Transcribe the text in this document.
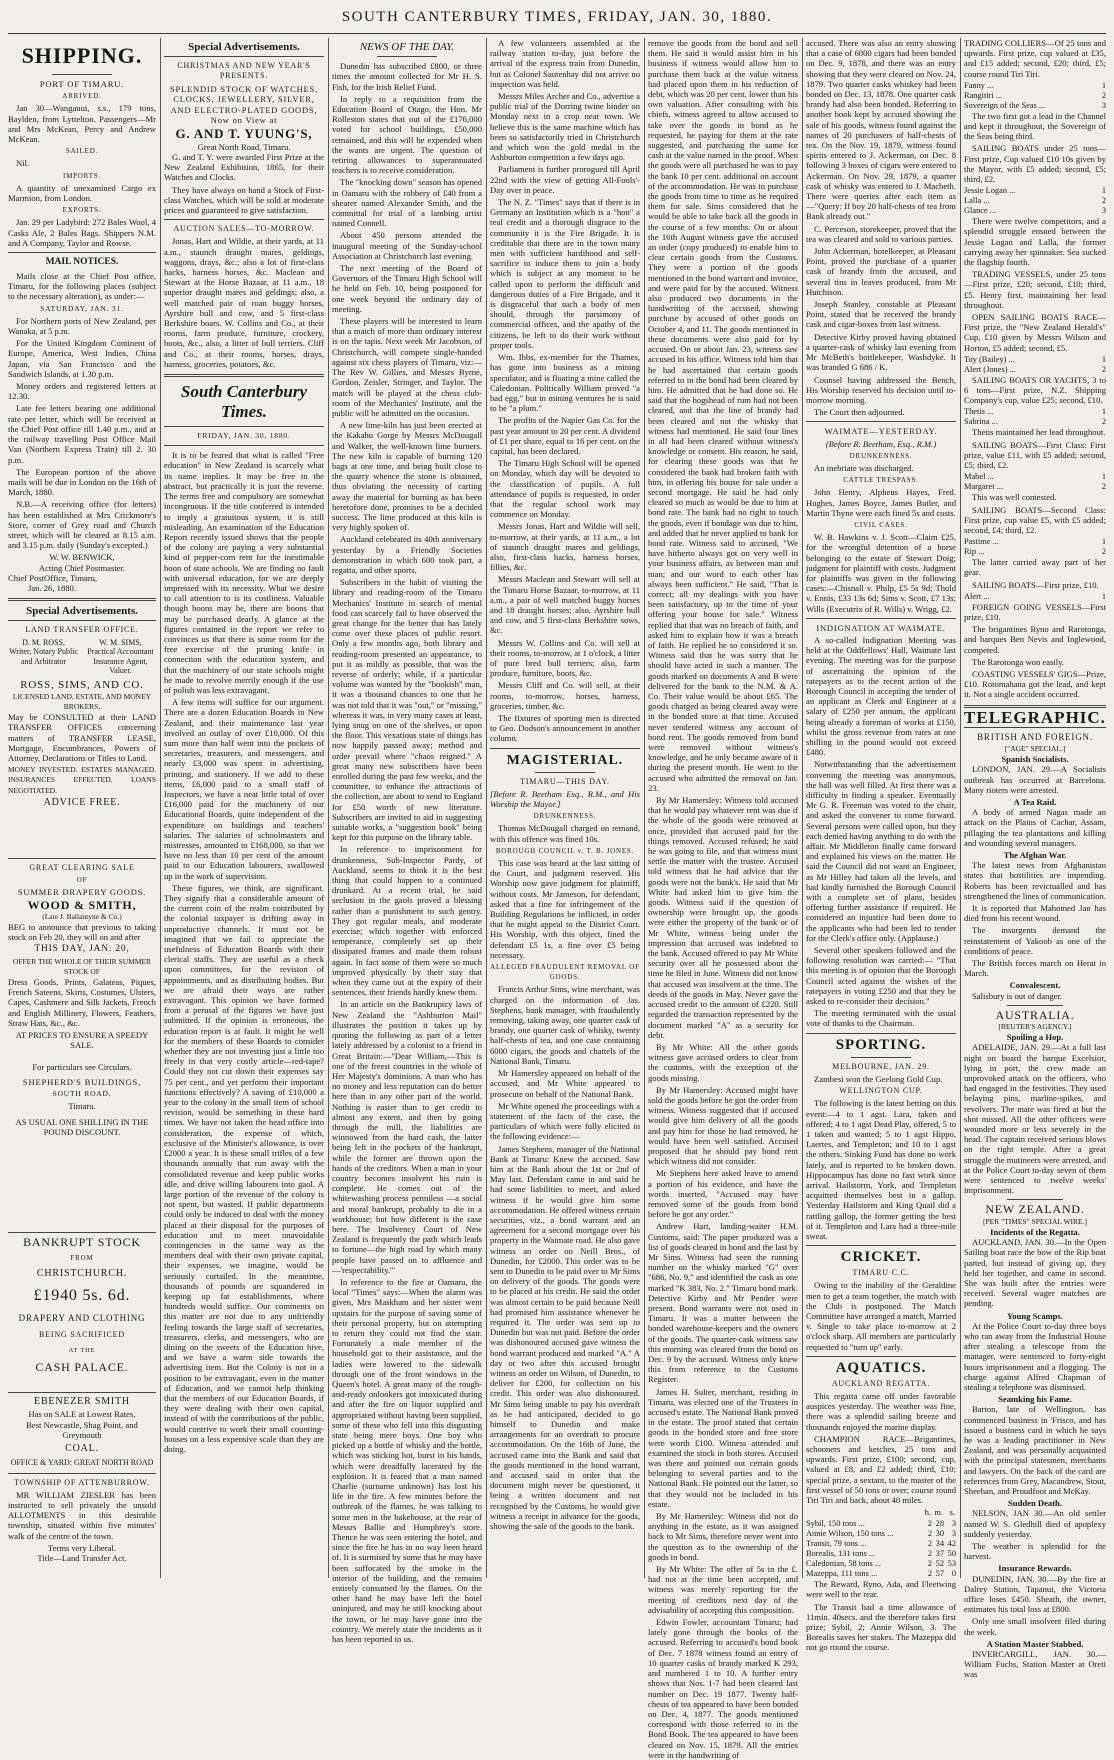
SOUTH CANTERBURY TIMES, FRIDAY, JAN. 30, 1880.
SHIPPING.
PORT OF TIMARU.
ARRIVED.

Jan 30—Wanganui, s.s., 179 tons, Baylden, from Lyttelton. Passengers—Mr and Mrs McKean, Percy and Andrew McKean.

SAILED.

Nil.

IMPORTS.

A quantity of unexamined Cargo ex Marmion, from London.

EXPORTS.

Jan. 29 per Ladybird: 272 Bales Wool, 4 Casks Ale, 2 Bales Bags. Shippers N.M. and A Company, Taylor and Rowse.

MAIL NOTICES.

Mails close at the Chief Post office, Timaru, for the following places (subject to the necessary alteration), as under:—

SATURDAY, JAN. 31.

For Northern ports of New Zealand, per Wanaka, at 5 p.m.

For the United Kingdom Continent of Europe, America, West Indies, China Japan, via San Francisco and the Sandwich Islands, at 1.30 p.m.

Money orders and registered letters at 12.30.

Late fee letters bearing one additional rate per letter, which will be received at the Chief Post office till 1.40 p.m., and at the railway travelling Post Office Mail Van (Northern Express Train) till 2. 30 p.m.

The European portion of the above mails will be due in London on the 16th of March, 1880.

N.B.—A receiving office (for letters) has been established at Mrs Crickmore's Store, corner of Grey road and Church street, which will be cleared at 8.15 a.m. and 3.15 p.m. daily (Sunday's excepted.)

W. W. BENWICK,
Acting Chief Postmaster.
Chief PostOffice, Timaru,
Jan. 26, 1880.
Special Advertisements.
LAND TRANSFER OFFICE.
D. M. ROSS,
Writer, Notary Public and Arbitrator
W. M. SIMS,
Practical Accountant Insurance Agent, Valuer.
ROSS, SIMS, AND CO.
LICENSED LAND, ESTATE, AND MONEY BROKERS,

May be CONSULTED at their LAND TRANSFER OFFICES concerning matters of TRANSFER LEASE, Mortgage, Encumbrances, Powers of Attorney, Declarations or Titles to Land.

MONEY INVESTED. ESTATES MANAGED. INSURANCES EFFECTED. LOANS NEGOTIATED.

ADVICE FREE.
GREAT CLEARING SALE
OF
SUMMER DRAPERY GOODS.
WOOD & SMITH,
(Late J. Ballantyne & Co.)

BEG to announce that previous to taking stock on Feb 20, they will on and after

THIS DAY, JAN. 20,
OFFER THE WHOLE OF THEIR SUMMER STOCK OF

Dress Goods, Prints, Galateas, Piques, French Sateens, Skirts, Costumes, Ulsters, Capes, Cashmere and Silk Jackets, French and English Millinery, Flowers, Feathers, Straw Hats, &c., &c.

AT PRICES TO ENSURE A SPEEDY SALE.
For particulars see Circulars.
SHEPHERD'S BUILDINGS,
SOUTH ROAD,
Timaru.
AS USUAL ONE SHILLING IN THE POUND DISCOUNT.
BANKRUPT STOCK
FROM
CHRISTCHURCH.
£1940 5s. 6d.
DRAPERY AND CLOTHING
BEING SACRIFICED
AT THE
CASH PALACE.
EBENEZER SMITH
Has on SALE at Lowest Rates,
Best Newcastle, Shag Point, and Greymouth
COAL.
OFFICE & YARD: GREAT NORTH ROAD
TOWNSHIP OF ATTENBURROW.

MR WILLIAM ZIESLER has been instructed to sell privately the unsold ALLOTMENTS in this desirable township, situated within five minutes' walk of the centre of the town.

Terms very Liberal.
Title—Land Transfer Act.
Special Advertisements.
CHRISTMAS AND NEW YEAR'S PRESENTS.
SPLENDID STOCK OF WATCHES, CLOCKS, JEWELLERY, SILVER, AND ELECTRO-PLATED GOODS, Now on View at
G. AND T. YUUNG'S,
Great North Road, Timaru.

G. and T. Y. were awarded First Prize at the New Zealand Exhibition, 1865, for their Watches and Clocks.

They have always on hand a Stock of First-class Watches, which will be sold at moderate prices and guaranteed to give satisfaction.

AUCTION SALES—TO-MORROW.

Jonas, Hart and Wildie, at their yards, at 11 a.m., staunch draught mares, geldings, waggons, drays, &c.; also a lot of first-class hacks, harness horses, &c. Maclean and Stewart at the Horse Bazaar, at 11 a.m., 18 superior draught mares and geldings; also, a well matched pair of roan buggy horses, Ayrshire bull and cow, and 5 first-class Berkshire boars. W. Collins and Co., at their rooms, farm produce, furniture, crockery, boots, &c., also, a litter of bull terriers. Cliff and Co., at their rooms, horses, drays, harness, groceries, potatoes, &c.

South Canterbury Times.
FRIDAY, JAN. 30, 1880.

It is to be feared that what is called "Free education" in New Zealand is scarcely what its name implies. It may be free in the abstract, but practically it is just the reverse. The terms free and compulsory are somewhat incongruous. If the title conferred is intended to imply a gratuitous system, it is still misleading. An examination of the Education Report recently issued shows that the people of the colony are paying a very substantial kind of pepper-corn rent for the inestimable boon of state schools. We are finding no fault with universal education, for we are deeply impressed with its necessity. What we desire to call attention to is its costliness. Valuable though boons may be, there are boons that may be purchased dearly. A glance at the figures contained in the report we refer to convinces us that there is some room for the free exercise of the pruning knife in connection with the education system, and that the machinery of our state schools might be made to revolve merrily enough if the use of polish was less extravagant.

A few items will suffice for our argument. There are a dozen Education Boards in New Zealand, and their maintenance last year involved an outlay of over £10,000. Of this sum more than half went into the pockets of secretaries, treasurers, and messengers, and nearly £3,000 was spent in advertising, printing, and stationery. If we add to these items, £6,000 paid to a small staff of Inspectors, we have a neat little total of over £16,000 paid for the machinery of our Educational Boards, quite independent of the expenditure on buildings and teachers' salaries. The salaries of schoolmasters and mistresses, amounted to £168,000, so that we have no less than 10 per cent of the amount paid to our Education labourers, swallowed up in the work of supervision.

These figures, we think, are significant. They signify that a considerable amount of the current coin of the realm contributed by the colonial taxpayer is drifting away in unproductive channels. It must not be imagined that we fail to appreciate the usefulness of Education Boards with their clerical staffs. They are useful as a check upon committees, for the revision of appointments, and as distributing bodies. But we are afraid their ways are rather extravagant. This opinion we have formed from a perusal of the figures we have just submitted. If the opinion is erroneous, the education report is at fault. It might be well for the members of these Boards to consider whether they are not investing just a little too freely in that very costly article—red-tape? Could they not cut down their expenses say 75 per cent., and yet perform their important functions effectively? A saving of £10,000 a year to the colony in the small item of school revision, would be something in these hard times. We have not taken the head office into consideration, the expense of which, exclusive of the Minister's allowance, is over £2000 a year. It is these small trifles of a few thousands annually that run away with the consolidated revenue and keep public works idle, and drive willing labourers into gaol. A large portion of the revenue of the colony is not spent, but wasted. If public departments could only be induced to deal with the money placed at their disposal for the purposes of education and to meet unavoidable contingencies in the same way as the members deal with their own private capital, their expenses, we imagine, would be seriously curtailed. In the meantime, thousands of pounds are squandered in keeping up fat establishments, where hundreds would suffice. Our comments on this matter are not due to any unfriendly feeling towards the large staff of secretaries, treasurers, clerks, and messengers, who are dining on the sweets of the Education hive, and we have a warm side towards the advertising item. But the Colony is not in a position to be extravagant, even in the matter of Education, and we cannot help thinking that the members of our Education Boards, if they were dealing with their own capital, instead of with the contributions of the public, would contrive to work their small counting-houses on a less expensive scale than they are doing.

NEWS OF THE DAY.

Dunedin has subscribed £800, or three times the amount collected for Mr H. S. Fish, for the Irish Relief Fund.

In reply to a requisition from the Education Board of Otago, the Hon. Mr Rolleston states that out of the £176,000 voted for school buildings, £50,000 remained, and this will be expended when the wants are urgent. The question of retiring allowances to superannuated teachers is to receive consideration.

The "knocking down" season has opened in Oamaru with the robbery of £40 from a shearer named Alexander Smith, and the committal for trial of a lambing artist named Connell.

About 450 persons attended the inaugural meeting of the Sunday-school Association at Christchurch last evening.

The next meeting of the Board of Governors of the Timaru High School will be held on Feb. 10, being postponed for one week beyond the ordinary day of meeting.

These players will be interested to learn that a match of more than ordinary interest is on the tapis. Next week Mr Jacobson, of Christchurch, will compete single-handed against six chess players of Timaru, viz:— The Rev W. Gillies, and Messrs Byrne, Gordon, Zeisler, Stringer, and Taylor. The match will be played at the chess club-room of the Mechanics' Institute, and the public will be admitted on the occasion.

A new lime-kiln has just been erected at the Kakahu Gorge by Messrs McDougall and Walker, the well-known lime burners. The new kiln is capable of burning 120 bags at one time, and being built close to the quarry whence the stone is obtained, thus obviating the necessity of carting away the material for burning as has been heretofore done, promises to be a decided success. The lime produced at this kiln is very highly spoken of.

Auckland celebrated its 40th anniversary yesterday by a Friendly Societies demonstration in which 600 took part, a regatta, and other sports.

Subscribers in the habit of visiting the library and reading-room of the Timaru Mechanics' Institute in search of mental food can scarcely fail to have observed the great change for the better that has lately come over these places of public resort. Only a few months ago, both library and reading-room presented an appearance, to put it as mildly as possible, that was the reverse of orderly; while, if a particular volume was wanted by the "bookish" man, it was a thousand chances to one that he was not told that it was "out," or "missing," whereas it was, in very many cases at least, lying snug on one of the shelves, or upon the floor. This vexatious state of things has now happily passed away; method and order prevail where "chaos reigned." A great many new subscribers have been enrolled during the past few weeks, and the committee, to enhance the attractions of the collection, are about to send to England for £50 worth of new literature. Subscribers are invited to aid in suggesting suitable works, a "suggestion book" being kept for this purpose on the library table.

In reference to imprisonment for drunkenness, Sub-Inspector Pardy, of Auckland, seems to think it is the best thing that could happen to a continued drunkard. At a recent trial, he said seclusion in the gaols proved a blessing rather than a punishment to such gentry. They got regular meals, and moderate exercise; which together with enforced temperance, completely set up their dissipated frames and made them robust again. In fact some of them were so much improved physically by their stay that when they came out at the expiry of their sentences, their friends hardly knew them.

In an article on the Bankruptcy laws of New Zealand the "Ashburton Mail" illustrates the position it takes up by quoting the following as part of a letter lately addressed by a colonist to a friend in Great Britain:—"Dear William,—This is one of the freest countries in the whole of Her Majesty's dominions. A man who has no money and less reputation can do better here than in any other part of the world. Nothing is easier than to get credit to almost any extent, and then by going through the mill, the liabilities are winnowed from the hard cash, the latter being left in the pockets of the bankrupt, while the former are thrown upon the hands of the creditors. When a man in your country becomes insolvent his ruin is complete. He comes out of the whitewashing process penniless —a social and moral bankrupt, probably to die in a workhouse; but how different is the case here. The Insolvency Court of New Zealand is frequently the path which leads to fortune—the high road by which many people have passed on to affluence and—'respectability.'"

In reference to the fire at Oamaru, the local "Times" says:—When the alarm was given, Mrs Maskham and her sister went upstairs for the purpose of saving some of their personal property, but on attempting to return they could not find the stair. Fortunately a male member of the household got to their assistance, and the ladies were lowered to the sidewalk through one of the front windows in the Queen's hotel. A great many of the rough-and-ready onlookers got intoxicated during and after the fire on liquor supplied and appropriated without having been supplied, some of these who fell into this disgusting state being mere boys. One boy who picked up a bottle of whisky and the bottle, which was sticking hot, burst in his hands, which were dreadfully lacerated by the explosion. It is feared that a man named Charlie (surname unknown) has lost his life in the fire. A few minutes before the outbreak of the flames, he was talking to some men in the bakehouse, at the rear of Messrs Ballie and Humphrey's store. Thence he was seen entering the hotel, and since the fire he has in no way been heard of. It is surmised by some that he may have been suffocated by the smoke in the interior of the building, and the remains entirely consumed by the flames. On the other hand he may have left the hotel uninjured, and may be still knocking about the town, or he may have gone into the country. We merely state the incidents as it has been reported to us.

A few volunteers assembled at the railway station to-day, just before the arrival of the express train from Dunedin, but as Colonel Sautenhay did not arrive no inspection was held.

Messrs Miles Archer and Co., advertise a public trial of the Dorring twine binder on Monday next in a crop near town. We believe this is the same machine which has been so satisfactorily tried in Christchurch and which won the gold medal in the Ashburton competition a few days ago.

Parliament is further prorogued till April 22nd with the view of getting All-Fools'-Day over in peace.

The N. Z. "Times" says that if there is in Germany an Institution which is a "hon" a real credit and a thorough disgrace to the community it is the Fire Brigade. It is creditable that there are in the town many men with sufficient hardihood and self-sacrifice to induce them to join a body which is subject at any moment to be called upon to perform the difficult and dangerous duties of a Fire Brigade, and it is disgraceful that such a body of men should, through the parsimony of commercial offices, and the apathy of the citizens, be left to do their work without proper tools.

Wm. Ibbs, ex-member for the Thames, has gone into business as a mining speculator, and is floating a mine called the Caledonian. Politically William proved "a bad egg," but in mining ventures he is said to be "a plum."

The profits of the Napier Gas Co. for the past year amount to 20 per cent. A dividend of £1 per share, equal to 16 per cent. on the capital, has been declared.

The Timaru High School will be opened on Monday, which day will be devoted to the classification of pupils. A full attendance of pupils is requested, in order that the regular school work may commence on Monday.

Messrs Jonas, Hart and Wildie will sell, to-morrow, at their yards, at 11 a.m., a lot of staunch draught mares and geldings, also, first-class hacks, harness horses, fillies, &c.

Messrs Maclean and Stewart will sell at the Timaru Horse Bazaar, to-morrow, at 11 a.m., a pair of well matched buggy horses and 18 draught horses; also, Ayrshire bull and cow, and 5 first-class Berkshire sows, &c.

Messrs W. Collins and Co. will sell at their rooms, to-morrow, at 1 o'clock, a litter of pure bred bull terriers; also, farm produce, furniture, boots, &c.

Messrs Cliff and Co. will sell, at their rooms, to-morrow, horses, harness, groceries, timber, &c.

The fixtures of sporting men is directed to Geo. Dodson's announcement in another column.

MAGISTERIAL.
TIMARU—THIS DAY.

[Before R. Beetham Esq., R.M., and His Worship the Mayor.]

DRUNKENNESS.

Thomas McDougall charged on remand, with this offence was fined 10s.

BOROUGH COUNCIL v. T. B. JONES.

This case was heard at the last sitting of the Court, and judgment reserved. His Worship now gave judgment for plaintiff, without costs. Mr Jameson, for defendant, asked that a fine for infringement of the Building Regulations be inflicted, in order that he might appeal to the District Court. His Worship, with this object, fined the defendant £5 1s, a fine over £5 being necessary.

ALLEGED FRAUDULENT REMOVAL OF GOODS.

Francis Arthur Sims, wine merchant, was charged on the information of Jas. Stephens, bank manager, with fraudulently removing, taking away, one quarter cask of brandy, one quarter cask of whisky, twenty half-chests of tea, and one case containing 6000 cigars, the goods and chattels of the National Bank, Timaru.

Mr Hamersley appeared on behalf of the accused, and Mr White appeared to prosecute on behalf of the National Bank.

Mr White opened the proceedings with a statement of the facts of the case, the particulars of which were fully elicited in the following evidence:—

James Stephens, manager of the National Bank at Timaru: Knew the accused. Saw him at the Bank about the 1st or 2nd of May last. Defendant came in and said he had some liabilities to meet, and asked witness if he would give him some accommodation. He offered witness certain securities, viz., a bond warrant and an agreement for a second mortgage over his property in the Waimate road. He also gave witness an order on Neill Bros., of Dunedin, for £2000. This order was to be sent to Dunedin to be paid over to Mr Sims on delivery of the goods. The goods were to be placed at his credit. He said the order was almost certain to be paid because Neill had promised him assistance whenever he required it. The order was sent up to Dunedin but was not paid. Before the order was dishonoured accused gave witness the bond warrant produced and marked "A." A day or two after this accused brought witness an order on Wilson, of Dunedin, to deliver for £200, for collection on his credit. This order was also dishonoured. Mr Sims being unable to pay his overdraft as he had anticipated, decided to go himself to Dunedin and make arrangements for an overdraft to procure accommodation. On the 16th of June, the accused came into the Bank and said that the goods mentioned in the bond warrant, and accused said in order that the document might never be questioned, it being a written document and not recognised by the Customs, he would give witness a receipt in advance for the goods, showing the sale of the goods to the bank.

remove the goods from the bond and sell them. He said it would assist him in his business if witness would allow him to purchase them back at the value witness had placed upon them in his reduction of debt, which was 20 per cent. lower than his own valuation. After consulting with his chiefs, witness agreed to allow accused to take over the goods in bond as he requested, he paying for them at the rate suggested, and purchasing the same for cash at the value named in the proof. When the goods were all purchased he was to pay the bank 10 per cent. additional on account of the accommodation. He was to purchase the goods from time to time as he required them for sale. Sims considered that he would be able to take back all the goods in the course of a few months. On or about the 16th August witness gave the accused an order (copy produced) to enable him to clear certain goods from the Customs. They were a portion of the goods mentioned in the bond warrant and invoice, and were paid for by the accused. Witness also produced two documents in the handwriting of the accused, showing purchase by accused of other goods on October 4, and 11. The goods mentioned in these documents were also paid for by accused. On or about Jan. 23, witness saw accused in his office. Witness told him that he had ascertained that certain goods referred to in the bond had been cleared by him. He admitted that he had done so. He said that the hogshead of rum had not been cleared, and that the line of brandy had been cleared and not the whisky that witness had mentioned. He said four lines in all had been cleared without witness's knowledge or consent. His reason, he said, for clearing these goods was that he considered the bank had broken faith with him, in offering his house for sale under a second mortgage. He said he had only cleared so much as would be due to him at bond rate. The bank had no right to touch the goods, even if bondage was due to him, and added that he never applied to bank for bond rate. Witness said to accused, "We have hitherto always got on very well in your business affairs, as between man and man; and our word to each other has always been sufficient." He said, "That is correct; all my dealings with you have been satisfactory, up to the time of your offering your house for sale." Witness replied that that was no breach of faith, and asked him to explain how it was a breach of faith. He replied he so considered it so. Witness said that he was sorry that he should have acted in such a manner. The goods marked on documents A and B were delivered for the bank to the N.M. & A. Co. Their value would be about £65. The goods charged as being cleared away were in the bonded store at that time. Accused never tendered witness any account of bond rent. The goods removed from bond were removed without witness's knowledge, and he only became aware of it during the present month. He went to the accused who admitted the removal on Jan. 23.

By Mr Hamersley: Witness told accused that he would pay whatever rent was due if the whole of the goods were removed at once, provided that accused paid for the things removed. Accused refused; he said he was going to file, and that witness must settle the matter with the trustee. Accused told witness that he had advice that the goods were not the bank's. He said that Mr White had asked him to give him the goods. Witness said if the question of ownership were brought up, the goods were either the property of the bank or of Mr White, witness being under the impression that accused was indebted to the bank. Accused offered to pay Mr White security over all he possessed about the time he filed in June. Witness did not know that accused was insolvent at the time. The deeds of the goods in May. Never gave the accused credit to the amount of £220. Still regarded the transaction represented by the document marked "A" as a security for debt.

By Mr White: All the other goods witness gave accused orders to clear from the customs, with the exception of the goods missing.

By Mr Hamersley: Accused might have sold the goods before he got the order from witness. Witness suggested that if accused would give him delivery of all the goods and pay him for those he had removed, he would have been well satisfied. Accused proposed that he should pay bond rent which witness did not consider.

Mr Stephens here asked leave to amend a portion of his evidence, and have the words inserted, "Accused may have removed some of the goods from bond before he got any order."

Andrew Hart, landing-waiter H.M. Customs, said: The paper produced was a list of goods cleared in bond and the last by Mr Sims. Witness had seen the running number on the whisky marked "G" over "686, No. 9," and identified the cask as one marked "K 383, No. 2." Timaru bond mark. Detective Kirby and Mr Pender were present. Bond warrants were not used in Timaru. It was a matter between the bonded warehouse-keepers and the owners of the goods. The quarter-cask witness saw this morning was cleared from the bond on Dec. 9 by the accused. Witness only knew this from reference to the Customs Register.

James H. Sulter, merchant, residing in Timaru, was elected one of the Trustees in accused's estate. The National Bank proved in the estate. The proof stated that certain goods in the bonded store and free store were worth £100. Witness attended and examined the stock in both stores. Accused was there and pointed out certain goods belonging to several parties and to the National Bank. He pointed out the latter, so that they would not be included in his estate.

By Mr Hamersley: Witness did not do anything in the estate, as it was assigned back to Mr Sims, therefore never went into the question as to the ownership of the goods in bond.

By Mr White: The offer of 5s in the £. had not at the time been accepted, and witness was merely reporting for the meeting of creditors next day of the advisability of accepting this composition.

Edwin Fowler, accountant Timaru; had lately gone through the books of the accused. Referring to accused's bond book of Dec. 7 1878 witness found an entry of 10 quarter casks of brandy marked K 293, and numbered 1 to 10. A further entry shows that Nos. 1-7 had been cleared last number on Dec. 19 1877. Twenty half-chests of tea appeared to have been bonded on Dec. 4, 1877. The goods mentioned correspond with those referred to in the Bond Book. The tea appeared to have been cleared on Nov. 15, 1879. All the entries were in the handwriting of

accused. There was also an entry showing that a case of 6000 cigars had been bonded on Dec. 9, 1878, and there was an entry showing that they were cleared on Nov. 24, 1879. Two quarter casks whiskey had been bonded on Dec. 13, 1878. One quarter cask brandy had also been bonded. Referring to another book kept by accused showing the sale of his goods, witness found against the names of 20 purchasers of half-chests of tea. On the Nov. 19, 1879, witness found spirits entered to J. Ackerman, on Dec. 8 following 3 boxes of cigars were entered to Ackerman. On Nov. 29, 1879, a quarter cask of whisky was entered to J. Macbeth. There were queries after each item as—"Query: If boy 20 half-chests of tea from Bank already out."

C. Perceson, storekeeper, proved that the tea was cleared and sold to various parties.

John Ackerman, hotelkeeper, at Pleasant Point, proved the purchase of a quarter cask of brandy from the accused, and several tins in leaves produced, from Mr Hutchison.

Joseph Stanley, constable at Pleasant Point, stated that he received the brandy cask and cigar-boxes from last witness.

Detective Kirby proved having obtained a quarter-cask of whisky last evening from Mr McBeth's bottlekeeper, Washdyke. It was branded G 686 / K.

Counsel having addressed the Bench, His Worship reserved his decision until to-morrow morning.

The Court then adjourned.

WAIMATE—YESTERDAY.
(Before R. Beetham, Esq., R.M.)
DRUNKENNESS.

An inebriate was discharged.

CATTLE TRESPASS.

John Henry, Alpheus Hayes, Fred. Hughes, James Boyce, James Butler, and Martin Thyne were each fined 5s and costs.

CIVIL CASES.

W. B. Hawkins v. J. Scott—Claim £25, for the wrongful detention of a horse belonging to the estate of Stewart Doig; judgment for plaintiff with costs. Judgment for plaintiffs was given in the following cases:—Chisnall v. Philp, £5 5s 9d; Thold v. Ennis, £33 13s 6d; Sims v. Scott, £7 13s; Wills (Executrix of R. Wills) v. Wrigg, £2.

INDIGNATION AT WAIMATE.

A so-called Indignation Meeting was held at the Oddfellows' Hall, Waimate last evening. The meeting was for the purpose of ascertaining the opinion of the ratepayers as to the recent action of the Borough Council in accepting the tender of an applicant as Clerk and Engineer at a salary of £250 per annum, the applicant being already a foreman of works at £150, whilst the gross revenue from rates at one shilling in the pound would not exceed £480.

Notwithstanding that the advertisement convening the meeting was anonymous, the hall was well filled. At first there was a difficulty in finding a speaker. Eventually Mr G. R. Freeman was voted to the chair, and asked the convener to come forward. Several persons were called upon, but they each denied having anything to do with the affair. Mr Middleton finally came forward and explained his views on the matter. He said the Council did not want an Engineer, as Mr Hilley had taken all the levels, and had kindly furnished the Borough Council with a complete set of plans, besides offering further assistance if required. He considered an injustice had been done to the applicants who had been led to tender for the Clerk's office only. (Applause.)

Several other speakers followed and the following resolution was carried:— "That this meeting is of opinion that the Borough Council acted against the wishes of the ratepayers in voting £250 and that they be asked to re-consider their decision."

The meeting terminated with the usual vote of thanks to the Chairman.

SPORTING.
MELBOURNE, JAN. 29.

Zambesi won the Geelong Gold Cup.

WELLINGTON CUP.

The following is the latest betting on this event:—4 to 1 agst. Lara, taken and offered; 4 to 1 agst Dead Play, offered, 5 to 1 taken and wanted; 5 to 1 agst Hippo, Laertes, and Templeton; and 10 to 1 agst the others. Sinking Fund has done no work lately, and is reported to be broken down. Hippocampus has done no fast work since arrival. Hailstorm, York, and Templeton acquitted themselves best in a gallop. Yesterday Hailstorm and King Quail did a rattling gallop, the former getting the best of it. Templeton and Lara had a three-mile sweat.

CRICKET.
TIMARU C.C.

Owing to the inability of the Geraldine men to get a team together, the match with the Club is postponed. The Match Committee have arranged a match, Married v. Single to take place to-morrow at 2 o'clock sharp. All members are particularly requested to "turn up" early.

AQUATICS.
AUCKLAND REGATTA.

This regatta came off under favorable auspices yesterday. The weather was fine, there was a splendid sailing breeze and thousands enjoyed the marine display.

CHAMPION RACE—Brigantines, schooners and ketches, 25 tons and upwards. First prize, £100; second, cup, valued at £8, and £2 added; third, £10; special prize, a sextant, to the master of the first vessel of 50 tons or over; course round Tiri Tiri and back, about 40 miles.

	h.	m.	s.
Sybil, 150 tons ...	2	28	3
Annie Wilson, 150 tons ...	2	30	3
Transit, 79 tons ...	2	34	42
Borealis, 131 tons ...	2	37	50
Caledonian, 58 tons ...	2	52	53
Mazeppa, 111 tons ...	2	57	0

The Reward, Ryno, Ada, and Fleetwing were well to the rear.

The Transit had a time allowance of 11min. 40secs. and the therefore takes first prize; Sybil, 2; Annie Wilson, 3. The Borealis saves her stakes. The Mazeppa did not go round the course.

TRADING COLLIERS—Of 25 tons and upwards. First prize, cup valued at £35, and £15 added; second, £20; third, £5; course round Tiri Tiri.

Fanny ...	1
Rangitiri ...	2
Sovereign of the Seas ...	3

The two first got a lead in the Channel and kept it throughout, the Sovereign of the Seas being third.

SAILING BOATS under 25 tons—First prize, Cup valued £10 10s given by the Mayor, with £5 added; second, £5; third, £2.

Jessie Logan ...	1
Lalla ...	2
Glance ...	3

There were twelve competitors, and a splendid struggle ensued between the Jessie Logan and Lalla, the former carrying away her spinnaker. Sea sucked the flagship fourth.

TRADING VESSELS, under 25 tons—First prize, £20; second, £10; third, £5. Henry first, maintaining her lead throughout.

OPEN SAILING BOATS RACE—First prize, the "New Zealand Herald's" Cup, £10 given by Messrs Wilson and Horton, £5 added; second, £5.

Toy (Bailey) ...	1
Alert (Jones) ...	2

SAILING BOATS OR YACHTS, 3 to 6 tons—First prize, N.Z. Shipping Company's cup, value £25; second, £10.

Thetis ...	1
Sabrina ...	2

Thetis maintained her lead throughout.

SAILING BOATS—First Class: First prize, value £11, with £5 added; second, £5; third, £2.

Mabel ...	1
Margaret ...	2

This was well contested.

SAILING BOATS—Second Class: First prize, cup value £5, with £5 added; second, £4; third, £2.

Pastime ...	1
Rip ...	2

The latter carried away part of her gear.

SAILING BOATS—First prize, £10.

Alert ...	1

FOREIGN GOING VESSELS—First prize, £10.

The brigantines Ryno and Rarotonga, and barques Ben Nevis and Inglewood, competed.

The Rarotonga won easily.

COASTING VESSELS' GIGS—Prize, £10. Rotomahana got the lead, and kept it. Not a single accident occurred.

TELEGRAPHIC.
BRITISH AND FOREIGN.
["AGE" SPECIAL.]
Spanish Socialists.

LONDON, JAN. 29.—A Socialists outbreak has occurred at Barcelona. Many rioters were arrested.

A Tea Raid.

A body of armed Nagas made an attack on the Plains of Cachar, Assam, pillaging the tea plantations and killing and wounding several managers.

The Afghan War.

The latest news from Afghanistan states that hostilities are impending. Roberts has been revictualled and has strengthened the lines of communication.

It is reported that Mahomed Jan has died from his recent wound.

The insurgents demand the reinstatement of Yakoob as one of the conditions of peace.

The British forces march on Herat in March.

Convalescent.

Salisbury is out of danger.

AUSTRALIA.
[REUTER'S AGENCY.]
Spoiling a Hop.

ADELAIDE, JAN. 29.—At a full last night on board the barque Excelsior, lying in port, the crew made an unprovoked attack on the officers, who had engaged in the festivities. They used belaying pins, marline-spikes, and revolvers. The mate was fired at but the shot missed. All the other officers were wounded more or less severely in the head. The captain received serious blows on the right temple. After a great struggle the mutineers were arrested, and at the Police Court to-day seven of them were sentenced to twelve weeks' imprisonment.

NEW ZEALAND.
[PER "TIMES" SPECIAL WIRE.]
Incidents of the Regatta.

AUCKLAND, JAN. 30.—In the Open Sailing boat race the bow of the Rip boat parted, but instead of giving up, they held her together, and came in second. She was built after the entries were received. Several wager matches are pending.

Young Scamps.

At the Police Court to-day three boys who ran away from the Industrial House after stealing a telescope from the manager, were sentenced to forty-eight hours imprisonment and a flogging. The charge against Alfred Chapman of stealing a telephone was dismissed.

Seamking his Fame.

Barton, late of Wellington, has commenced business in 'Frisco, and has issued a business card in which he says he was a leading practitioner in New Zealand, and was personally acquainted with the principal statesmen, merchants and lawyers. On the back of the card are references from Grey, Macandrew, Stout, Sheehan, and Proudfoot and McKay.

Sudden Death.

NELSON, JAN 30.—An old settler named W. S. Gledhill died of apoplexy suddenly yesterday.

The weather is splendid for the harvest.

Insurance Rewards.

DUNEDIN, JAN. 30.—By the fire at Dalrey Station, Tapanui, the Victoria office loses £450. Sheath, the owner, estimates his total loss at £800.

Only one small insolvent filed during the week.

A Station Master Stabbed.

INVERCARGILL, JAN. 30.—William Fuchs, Station Master at Oreti was
